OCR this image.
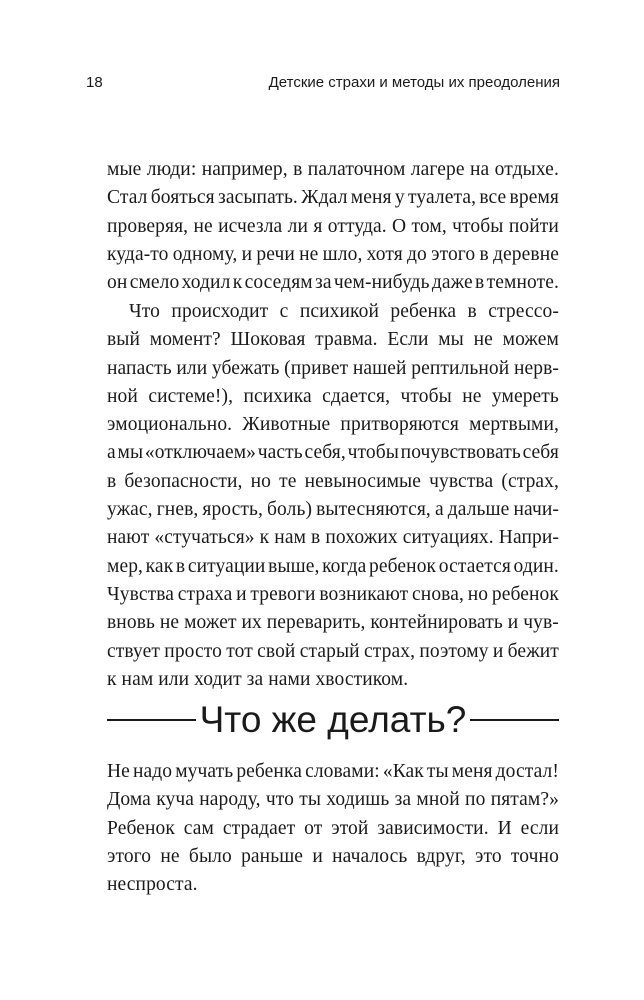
18	Детские страхи и методы их преодоления

мые люди: например, в палаточном лагере на отдыхе.

Стал бояться засыпать. Ждал меня у туалета, все время

проверяя, не исчезла ли я оттуда. О том, чтобы пойти

куда-то одному, и речи не шло, хотя до этого в деревне

он смело ходил к соседям за чем-нибудь даже в темноте.

Что происходит с психикой ребенка в стрессо-

вый момент? Шоковая травма. Если мы не можем

напасть или убежать (привет нашей рептильной нерв-

ной системе!), психика сдается, чтобы не умереть

эмоционально. Животные притворяются мертвыми,

а мы «отключаем» часть себя, чтобы почувствовать себя

в безопасности, но те невыносимые чувства (страх,

ужас, гнев, ярость, боль) вытесняются, а дальше начи-

нают «стучаться» к нам в похожих ситуациях. Напри-

мер, как в ситуации выше, когда ребенок остается один.

Чувства страха и тревоги возникают снова, но ребенок

вновь не может их переварить, контейнировать и чув-

ствует просто тот свой старый страх, поэтому и бежит

к нам или ходит за нами хвостиком.

Что же делать?

Не надо мучать ребенка словами: «Как ты меня достал!

Дома куча народу, что ты ходишь за мной по пятам?»

Ребенок сам страдает от этой зависимости. И если

этого не было раньше и началось вдруг, это точно

неспроста.
